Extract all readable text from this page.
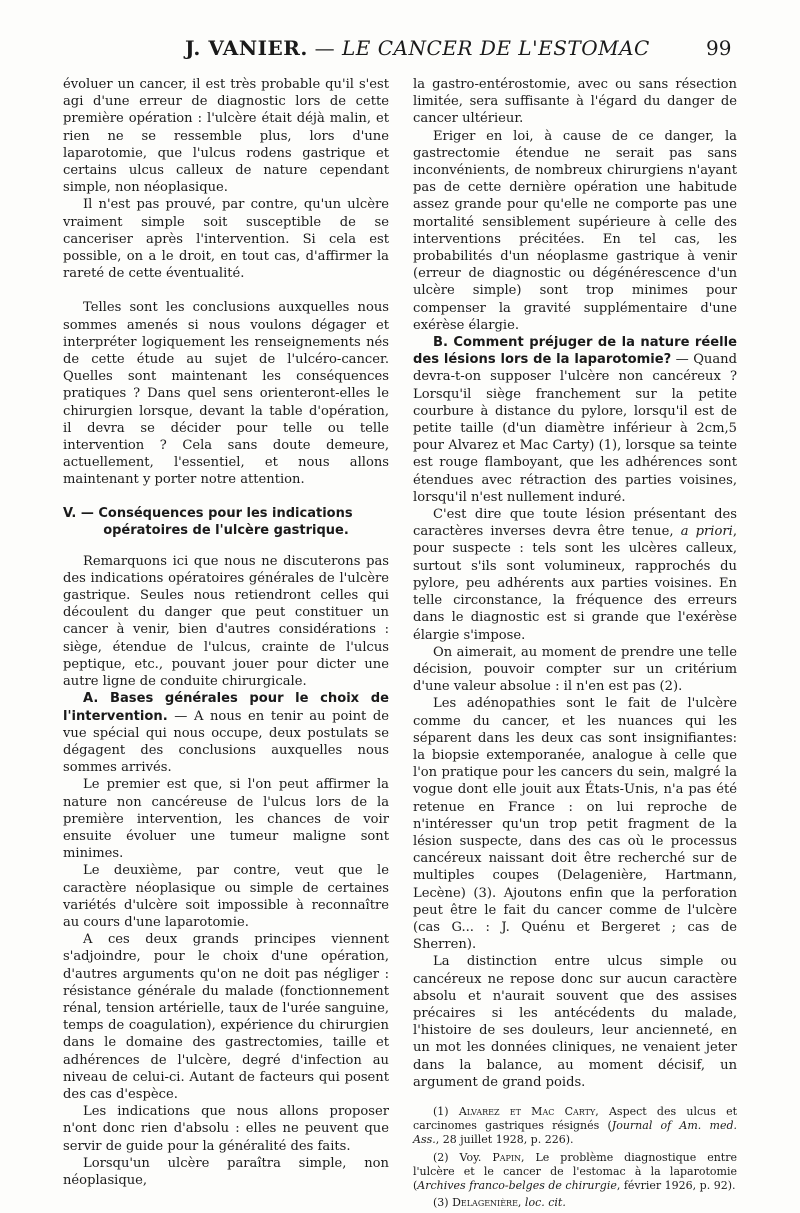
J. VANIER. — LE CANCER DE L'ESTOMAC	99

évoluer un cancer, il est très probable qu'il s'est agi d'une erreur de diagnostic lors de cette première opération : l'ulcère était déjà malin, et rien ne se ressemble plus, lors d'une laparotomie, que l'ulcus rodens gastrique et certains ulcus calleux de nature cependant simple, non néoplasique.

Il n'est pas prouvé, par contre, qu'un ulcère vraiment simple soit susceptible de se canceriser après l'intervention. Si cela est possible, on a le droit, en tout cas, d'affirmer la rareté de cette éventualité.

Telles sont les conclusions auxquelles nous sommes amenés si nous voulons dégager et interpréter logiquement les renseignements nés de cette étude au sujet de l'ulcéro-cancer. Quelles sont maintenant les conséquences pratiques ? Dans quel sens orienteront-elles le chirurgien lorsque, devant la table d'opération, il devra se décider pour telle ou telle intervention ? Cela sans doute demeure, actuellement, l'essentiel, et nous allons maintenant y porter notre attention.

V. — Conséquences pour les indications
opératoires de l'ulcère gastrique.

Remarquons ici que nous ne discuterons pas des indications opératoires générales de l'ulcère gastrique. Seules nous retiendront celles qui découlent du danger que peut constituer un cancer à venir, bien d'autres considérations : siège, étendue de l'ulcus, crainte de l'ulcus peptique, etc., pouvant jouer pour dicter une autre ligne de conduite chirurgicale.

A. Bases générales pour le choix de l'intervention. — A nous en tenir au point de vue spécial qui nous occupe, deux postulats se dégagent des conclusions auxquelles nous sommes arrivés.

Le premier est que, si l'on peut affirmer la nature non cancéreuse de l'ulcus lors de la première intervention, les chances de voir ensuite évoluer une tumeur maligne sont minimes.

Le deuxième, par contre, veut que le caractère néoplasique ou simple de certaines variétés d'ulcère soit impossible à reconnaître au cours d'une laparotomie.

A ces deux grands principes viennent s'adjoindre, pour le choix d'une opération, d'autres arguments qu'on ne doit pas négliger : résistance générale du malade (fonctionnement rénal, tension artérielle, taux de l'urée sanguine, temps de coagulation), expérience du chirurgien dans le domaine des gastrectomies, taille et adhérences de l'ulcère, degré d'infection au niveau de celui-ci. Autant de facteurs qui posent des cas d'espèce.

Les indications que nous allons proposer n'ont donc rien d'absolu : elles ne peuvent que servir de guide pour la généralité des faits.

Lorsqu'un ulcère paraîtra simple, non néoplasique,

la gastro-entérostomie, avec ou sans résection limitée, sera suffisante à l'égard du danger de cancer ultérieur.

Eriger en loi, à cause de ce danger, la gastrectomie étendue ne serait pas sans inconvénients, de nombreux chirurgiens n'ayant pas de cette dernière opération une habitude assez grande pour qu'elle ne comporte pas une mortalité sensiblement supérieure à celle des interventions précitées. En tel cas, les probabilités d'un néoplasme gastrique à venir (erreur de diagnostic ou dégénérescence d'un ulcère simple) sont trop minimes pour compenser la gravité supplémentaire d'une exérèse élargie.

B. Comment préjuger de la nature réelle des lésions lors de la laparotomie? — Quand devra-t-on supposer l'ulcère non cancéreux ? Lorsqu'il siège franchement sur la petite courbure à distance du pylore, lorsqu'il est de petite taille (d'un diamètre inférieur à 2cm,5 pour Alvarez et Mac Carty) (1), lorsque sa teinte est rouge flamboyant, que les adhérences sont étendues avec rétraction des parties voisines, lorsqu'il n'est nullement induré.

C'est dire que toute lésion présentant des caractères inverses devra être tenue, a priori, pour suspecte : tels sont les ulcères calleux, surtout s'ils sont volumineux, rapprochés du pylore, peu adhérents aux parties voisines. En telle circonstance, la fréquence des erreurs dans le diagnostic est si grande que l'exérèse élargie s'impose.

On aimerait, au moment de prendre une telle décision, pouvoir compter sur un critérium d'une valeur absolue : il n'en est pas (2).

Les adénopathies sont le fait de l'ulcère comme du cancer, et les nuances qui les séparent dans les deux cas sont insignifiantes: la biopsie extemporanée, analogue à celle que l'on pratique pour les cancers du sein, malgré la vogue dont elle jouit aux États-Unis, n'a pas été retenue en France : on lui reproche de n'intéresser qu'un trop petit fragment de la lésion suspecte, dans des cas où le processus cancéreux naissant doit être recherché sur de multiples coupes (Delagenière, Hartmann, Lecène) (3). Ajoutons enfin que la perforation peut être le fait du cancer comme de l'ulcère (cas G... : J. Quénu et Bergeret ; cas de Sherren).

La distinction entre ulcus simple ou cancéreux ne repose donc sur aucun caractère absolu et n'aurait souvent que des assises précaires si les antécédents du malade, l'histoire de ses douleurs, leur ancienneté, en un mot les données cliniques, ne venaient jeter dans la balance, au moment décisif, un argument de grand poids.

(1) Alvarez et Mac Carty, Aspect des ulcus et carcinomes gastriques résignés (Journal of Am. med. Ass., 28 juillet 1928, p. 226).

(2) Voy. Papin, Le problème diagnostique entre l'ulcère et le cancer de l'estomac à la laparotomie (Archives franco-belges de chirurgie, février 1926, p. 92).

(3) Delagenière, loc. cit.
